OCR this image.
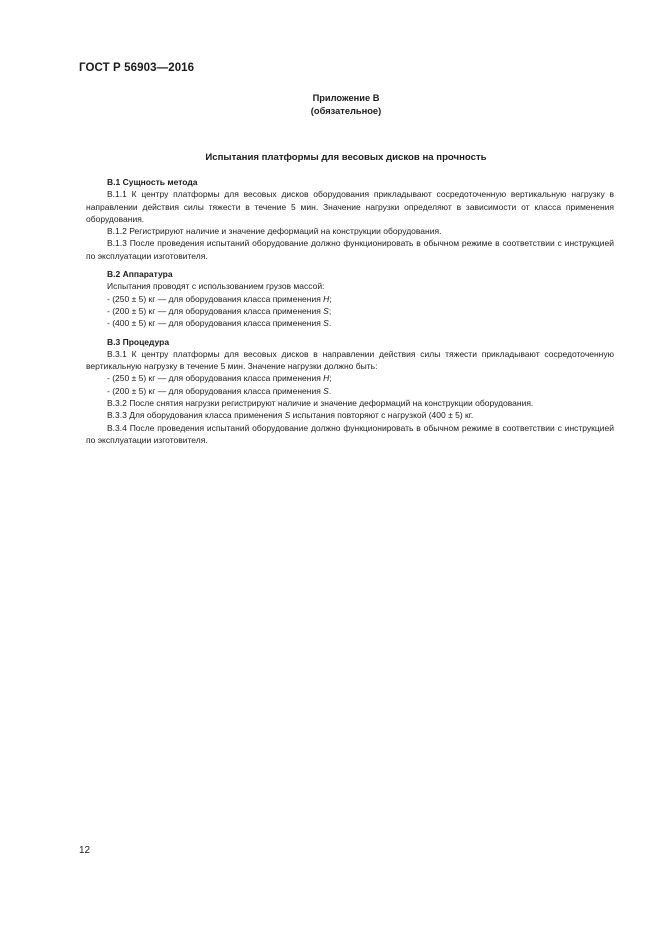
ГОСТ Р 56903—2016
Приложение В
(обязательное)
Испытания платформы для весовых дисков на прочность

В.1 Сущность метода

В.1.1 К центру платформы для весовых дисков оборудования прикладывают сосредоточенную вертикальную нагрузку в направлении действия силы тяжести в течение 5 мин. Значение нагрузки определяют в зависимости от класса применения оборудования.

В.1.2 Регистрируют наличие и значение деформаций на конструкции оборудования.

В.1.3 После проведения испытаний оборудование должно функционировать в обычном режиме в соответствии с инструкцией по эксплуатации изготовителя.

В.2 Аппаратура

Испытания проводят с использованием грузов массой:

- (250 ± 5) кг — для оборудования класса применения H;

- (200 ± 5) кг — для оборудования класса применения S;

- (400 ± 5) кг — для оборудования класса применения S.

В.3 Процедура

В.3.1 К центру платформы для весовых дисков в направлении действия силы тяжести прикладывают сосредоточенную вертикальную нагрузку в течение 5 мин. Значение нагрузки должно быть:

- (250 ± 5) кг — для оборудования класса применения H;

- (200 ± 5) кг — для оборудования класса применения S.

В.3.2 После снятия нагрузки регистрируют наличие и значение деформаций на конструкции оборудования.

В.3.3 Для оборудования класса применения S испытания повторяют с нагрузкой (400 ± 5) кг.

В.3.4 После проведения испытаний оборудование должно функционировать в обычном режиме в соответствии с инструкцией по эксплуатации изготовителя.

12
